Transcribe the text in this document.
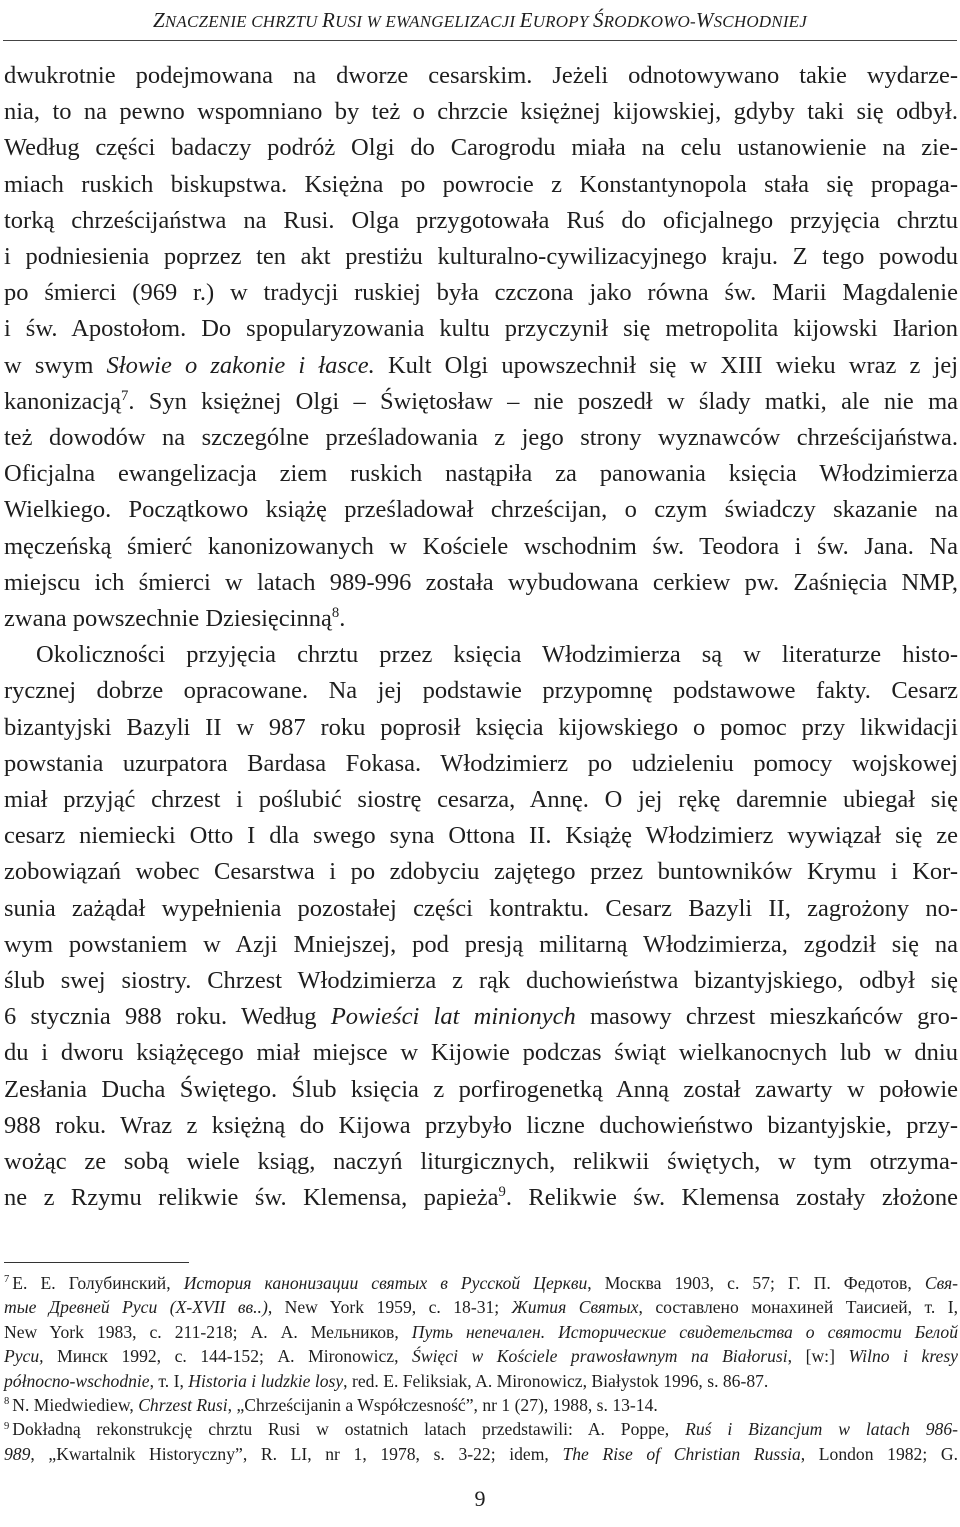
ZNACZENIE CHRZTU RUSI W EWANGELIZACJI EUROPY ŚRODKOWO-WSCHODNIEJ

dwukrotnie podejmowana na dworze cesarskim. Jeżeli odnotowywano takie wydarze-
nia, to na pewno wspomniano by też o chrzcie księżnej kijowskiej, gdyby taki się odbył.
Według części badaczy podróż Olgi do Carogrodu miała na celu ustanowienie na zie-
miach ruskich biskupstwa. Księżna po powrocie z Konstantynopola stała się propaga-
torką chrześcijaństwa na Rusi. Olga przygotowała Ruś do oficjalnego przyjęcia chrztu
i podniesienia poprzez ten akt prestiżu kulturalno-cywilizacyjnego kraju. Z tego powodu
po śmierci (969 r.) w tradycji ruskiej była czczona jako równa św. Marii Magdalenie
i św. Apostołom. Do spopularyzowania kultu przyczynił się metropolita kijowski Iłarion
w swym Słowie o zakonie i łasce. Kult Olgi upowszechnił się w XIII wieku wraz z jej
kanonizacją$^7$. Syn księżnej Olgi – Świętosław – nie poszedł w ślady matki, ale nie ma
też dowodów na szczególne prześladowania z jego strony wyznawców chrześcijaństwa.
Oficjalna ewangelizacja ziem ruskich nastąpiła za panowania księcia Włodzimierza
Wielkiego. Początkowo książę prześladował chrześcijan, o czym świadczy skazanie na
męczeńską śmierć kanonizowanych w Kościele wschodnim św. Teodora i św. Jana. Na
miejscu ich śmierci w latach 989-996 została wybudowana cerkiew pw. Zaśnięcia NMP,
zwana powszechnie Dziesięcinną$^8$.

Okoliczności przyjęcia chrztu przez księcia Włodzimierza są w literaturze histo-
rycznej dobrze opracowane. Na jej podstawie przypomnę podstawowe fakty. Cesarz
bizantyjski Bazyli II w 987 roku poprosił księcia kijowskiego o pomoc przy likwidacji
powstania uzurpatora Bardasa Fokasa. Włodzimierz po udzieleniu pomocy wojskowej
miał przyjąć chrzest i poślubić siostrę cesarza, Annę. O jej rękę daremnie ubiegał się
cesarz niemiecki Otto I dla swego syna Ottona II. Książę Włodzimierz wywiązał się ze
zobowiązań wobec Cesarstwa i po zdobyciu zajętego przez buntowników Krymu i Kor-
sunia zażądał wypełnienia pozostałej części kontraktu. Cesarz Bazyli II, zagrożony no-
wym powstaniem w Azji Mniejszej, pod presją militarną Włodzimierza, zgodził się na
ślub swej siostry. Chrzest Włodzimierza z rąk duchowieństwa bizantyjskiego, odbył się
6 stycznia 988 roku. Według Powieści lat minionych masowy chrzest mieszkańców gro-
du i dworu książęcego miał miejsce w Kijowie podczas świąt wielkanocnych lub w dniu
Zesłania Ducha Świętego. Ślub księcia z porfirogenetką Anną został zawarty w połowie
988 roku. Wraz z księżną do Kijowa przybyło liczne duchowieństwo bizantyjskie, przy-
wożąc ze sobą wiele ksiąg, naczyń liturgicznych, relikwii świętych, w tym otrzyma-
ne z Rzymu relikwie św. Klemensa, papieża$^9$. Relikwie św. Klemensa zostały złożone

$^7$ Е. Е. Голубинский, История канонизации святых в Русской Церкви, Москва 1903, с. 57; Г. П. Федотов, Свя-
тые Древней Руси (X-XVII вв..), New York 1959, с. 18-31; Жития Святых, составлено монахиней Таисией, т. I,
New York 1983, с. 211-218; А. А. Мельников, Путь непечален. Исторические свидетельства о святости Белой
Руси, Минск 1992, с. 144-152; A. Mironowicz, Święci w Kościele prawosławnym na Białorusi, [w:] Wilno i kresy
północno-wschodnie, т. I, Historia i ludzkie losy, red. E. Feliksiak, A. Mironowicz, Białystok 1996, s. 86-87.

$^8$ N. Miedwiediew, Chrzest Rusi, „Chrześcijanin a Współczesność”, nr 1 (27), 1988, s. 13-14.

$^9$ Dokładną rekonstrukcję chrztu Rusi w ostatnich latach przedstawili: A. Poppe, Ruś i Bizancjum w latach 986-
989, „Kwartalnik Historyczny”, R. LI, nr 1, 1978, s. 3-22; idem, The Rise of Christian Russia, London 1982; G.

9
